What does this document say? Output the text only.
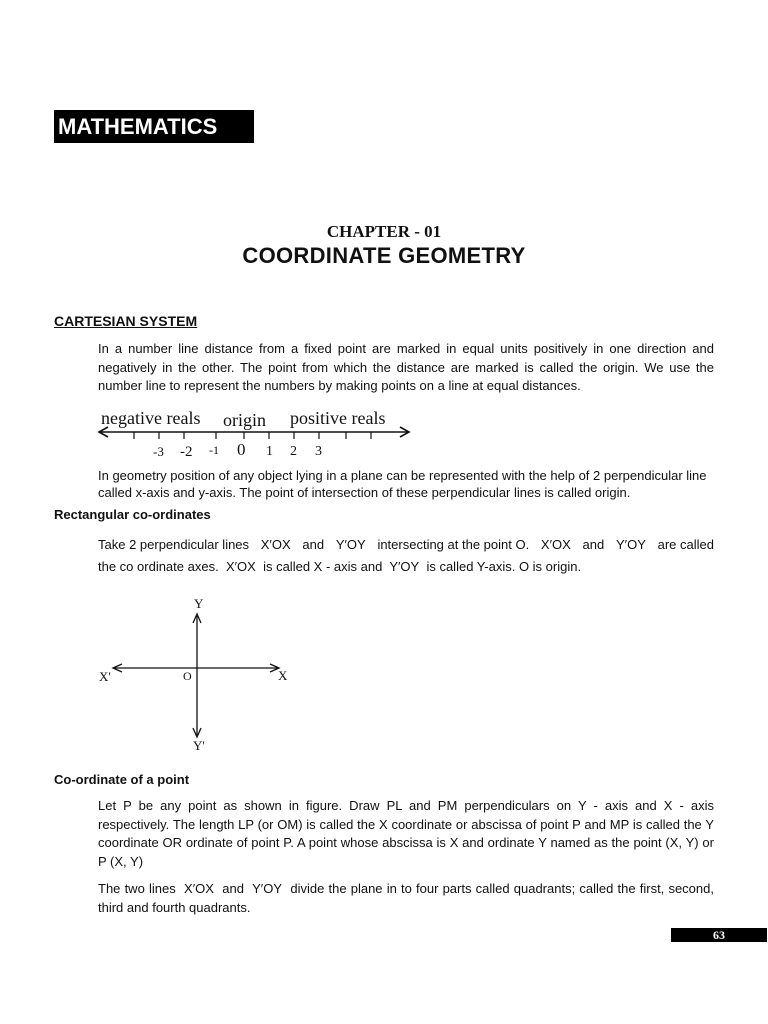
MATHEMATICS
CHAPTER - 01
COORDINATE GEOMETRY
CARTESIAN SYSTEM
In a number line distance from a fixed point are marked in equal units positively in one direction and negatively in the other. The point from which the distance are marked is called the origin. We use the number line to represent the numbers by making points on a line at equal distances.
negative reals origin positive reals
-3 -2 -1 0 1 2 3
In geometry position of any object lying in a plane can be represented with the help of 2 perpendicular line called x-axis and y-axis. The point of intersection of these perpendicular lines is called origin.
Rectangular co-ordinates
Take 2 perpendicular lines X′OX and Y′OY intersecting at the point O. X′OX and Y′OY are called
the co ordinate axes. X′OX is called X - axis and Y′OY is called Y-axis. O is origin.
Y
Y'
X
X'	O
Co-ordinate of a point
Let P be any point as shown in figure. Draw PL and PM perpendiculars on Y - axis and X - axis respectively. The length LP (or OM) is called the X coordinate or abscissa of point P and MP is called the Y coordinate OR ordinate of point P. A point whose abscissa is X and ordinate Y named as the point (X, Y) or P (X, Y)
The two lines X′OX and Y′OY divide the plane in to four parts called quadrants; called the first, second, third and fourth quadrants.
63
